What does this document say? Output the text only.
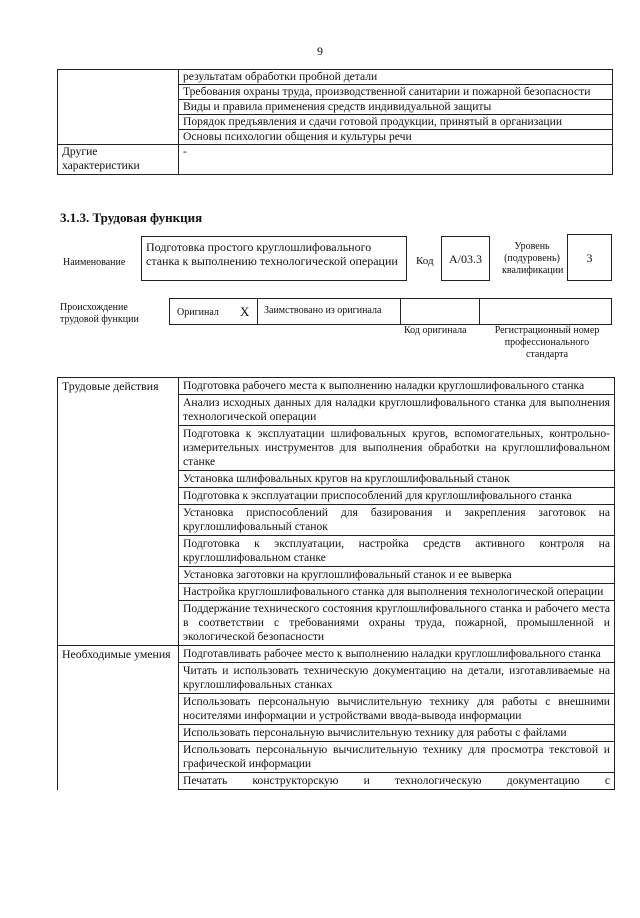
9
	результатам обработки пробной детали
	Требования охраны труда, производственной санитарии и пожарной безопасности
	Виды и правила применения средств индивидуальной защиты
	Порядок предъявления и сдачи готовой продукции, принятый в организации
	Основы психологии общения и культуры речи
Другие характеристики	-
3.1.3. Трудовая функция
Наименование
Подготовка простого круглошлифовального станка к выполнению технологической операции	Код	А/03.3
Уровень (подуровень) квалификации
3
Происхождение трудовой функции
Оригинал X Заимствовано из оригинала
Код оригинала	Регистрационный номер профессионального стандарта
Трудовые действия	Подготовка рабочего места к выполнению наладки круглошлифовального станка
	Анализ исходных данных для наладки круглошлифовального станка для выполнения технологической операции
	Подготовка к эксплуатации шлифовальных кругов, вспомогательных, контрольно-измерительных инструментов для выполнения обработки на круглошлифовальном станке
	Установка шлифовальных кругов на круглошлифовальный станок
	Подготовка к эксплуатации приспособлений для круглошлифовального станка
	Установка приспособлений для базирования и закрепления заготовок на круглошлифовальный станок
	Подготовка к эксплуатации, настройка средств активного контроля на круглошлифовальном станке
	Установка заготовки на круглошлифовальный станок и ее выверка
	Настройка круглошлифовального станка для выполнения технологической операции
	Поддержание технического состояния круглошлифовального станка и рабочего места в соответствии с требованиями охраны труда, пожарной, промышленной и экологической безопасности
Необходимые умения	Подготавливать рабочее место к выполнению наладки круглошлифовального станка
	Читать и использовать техническую документацию на детали, изготавливаемые на круглошлифовальных станках
	Использовать персональную вычислительную технику для работы с внешними носителями информации и устройствами ввода-вывода информации
	Использовать персональную вычислительную технику для работы с файлами
	Использовать персональную вычислительную технику для просмотра текстовой и графической информации
	Печатать конструкторскую и технологическую документацию с
